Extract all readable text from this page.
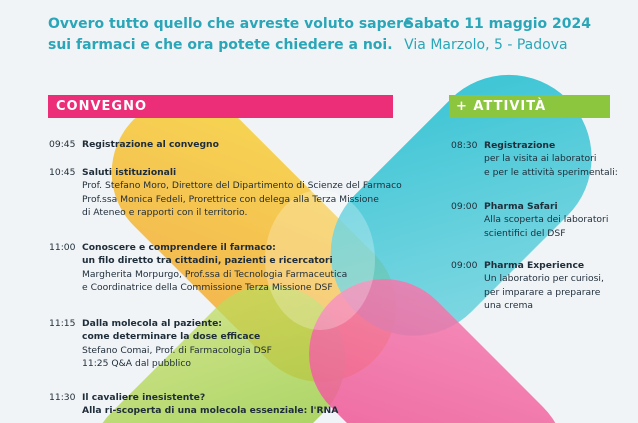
Ovvero tutto quello che avreste voluto sapere
sui farmaci e che ora potete chiedere a noi.
Sabato 11 maggio 2024
Via Marzolo, 5 - Padova
CONVEGNO	+ ATTIVITÀ
09:45 Registrazione al convegno
10:45 Saluti istituzionali
Prof. Stefano Moro, Direttore del Dipartimento di Scienze del Farmaco
Prof.ssa Monica Fedeli, Prorettrice con delega alla Terza Missione
di Ateneo e rapporti con il territorio.
11:00 Conoscere e comprendere il farmaco:
un filo diretto tra cittadini, pazienti e ricercatori
Margherita Morpurgo, Prof.ssa di Tecnologia Farmaceutica
e Coordinatrice della Commissione Terza Missione DSF
11:15 Dalla molecola al paziente:
come determinare la dose efficace
Stefano Comai, Prof. di Farmacologia DSF
11:25 Q&A dal pubblico
11:30 Il cavaliere inesistente?
Alla ri-scoperta di una molecola essenziale: l'RNA
08:30 Registrazione
per la visita ai laboratori
e per le attività sperimentali:
09:00 Pharma Safari
Alla scoperta dei laboratori
scientifici del DSF
09:00 Pharma Experience
Un laboratorio per curiosi,
per imparare a preparare
una crema
